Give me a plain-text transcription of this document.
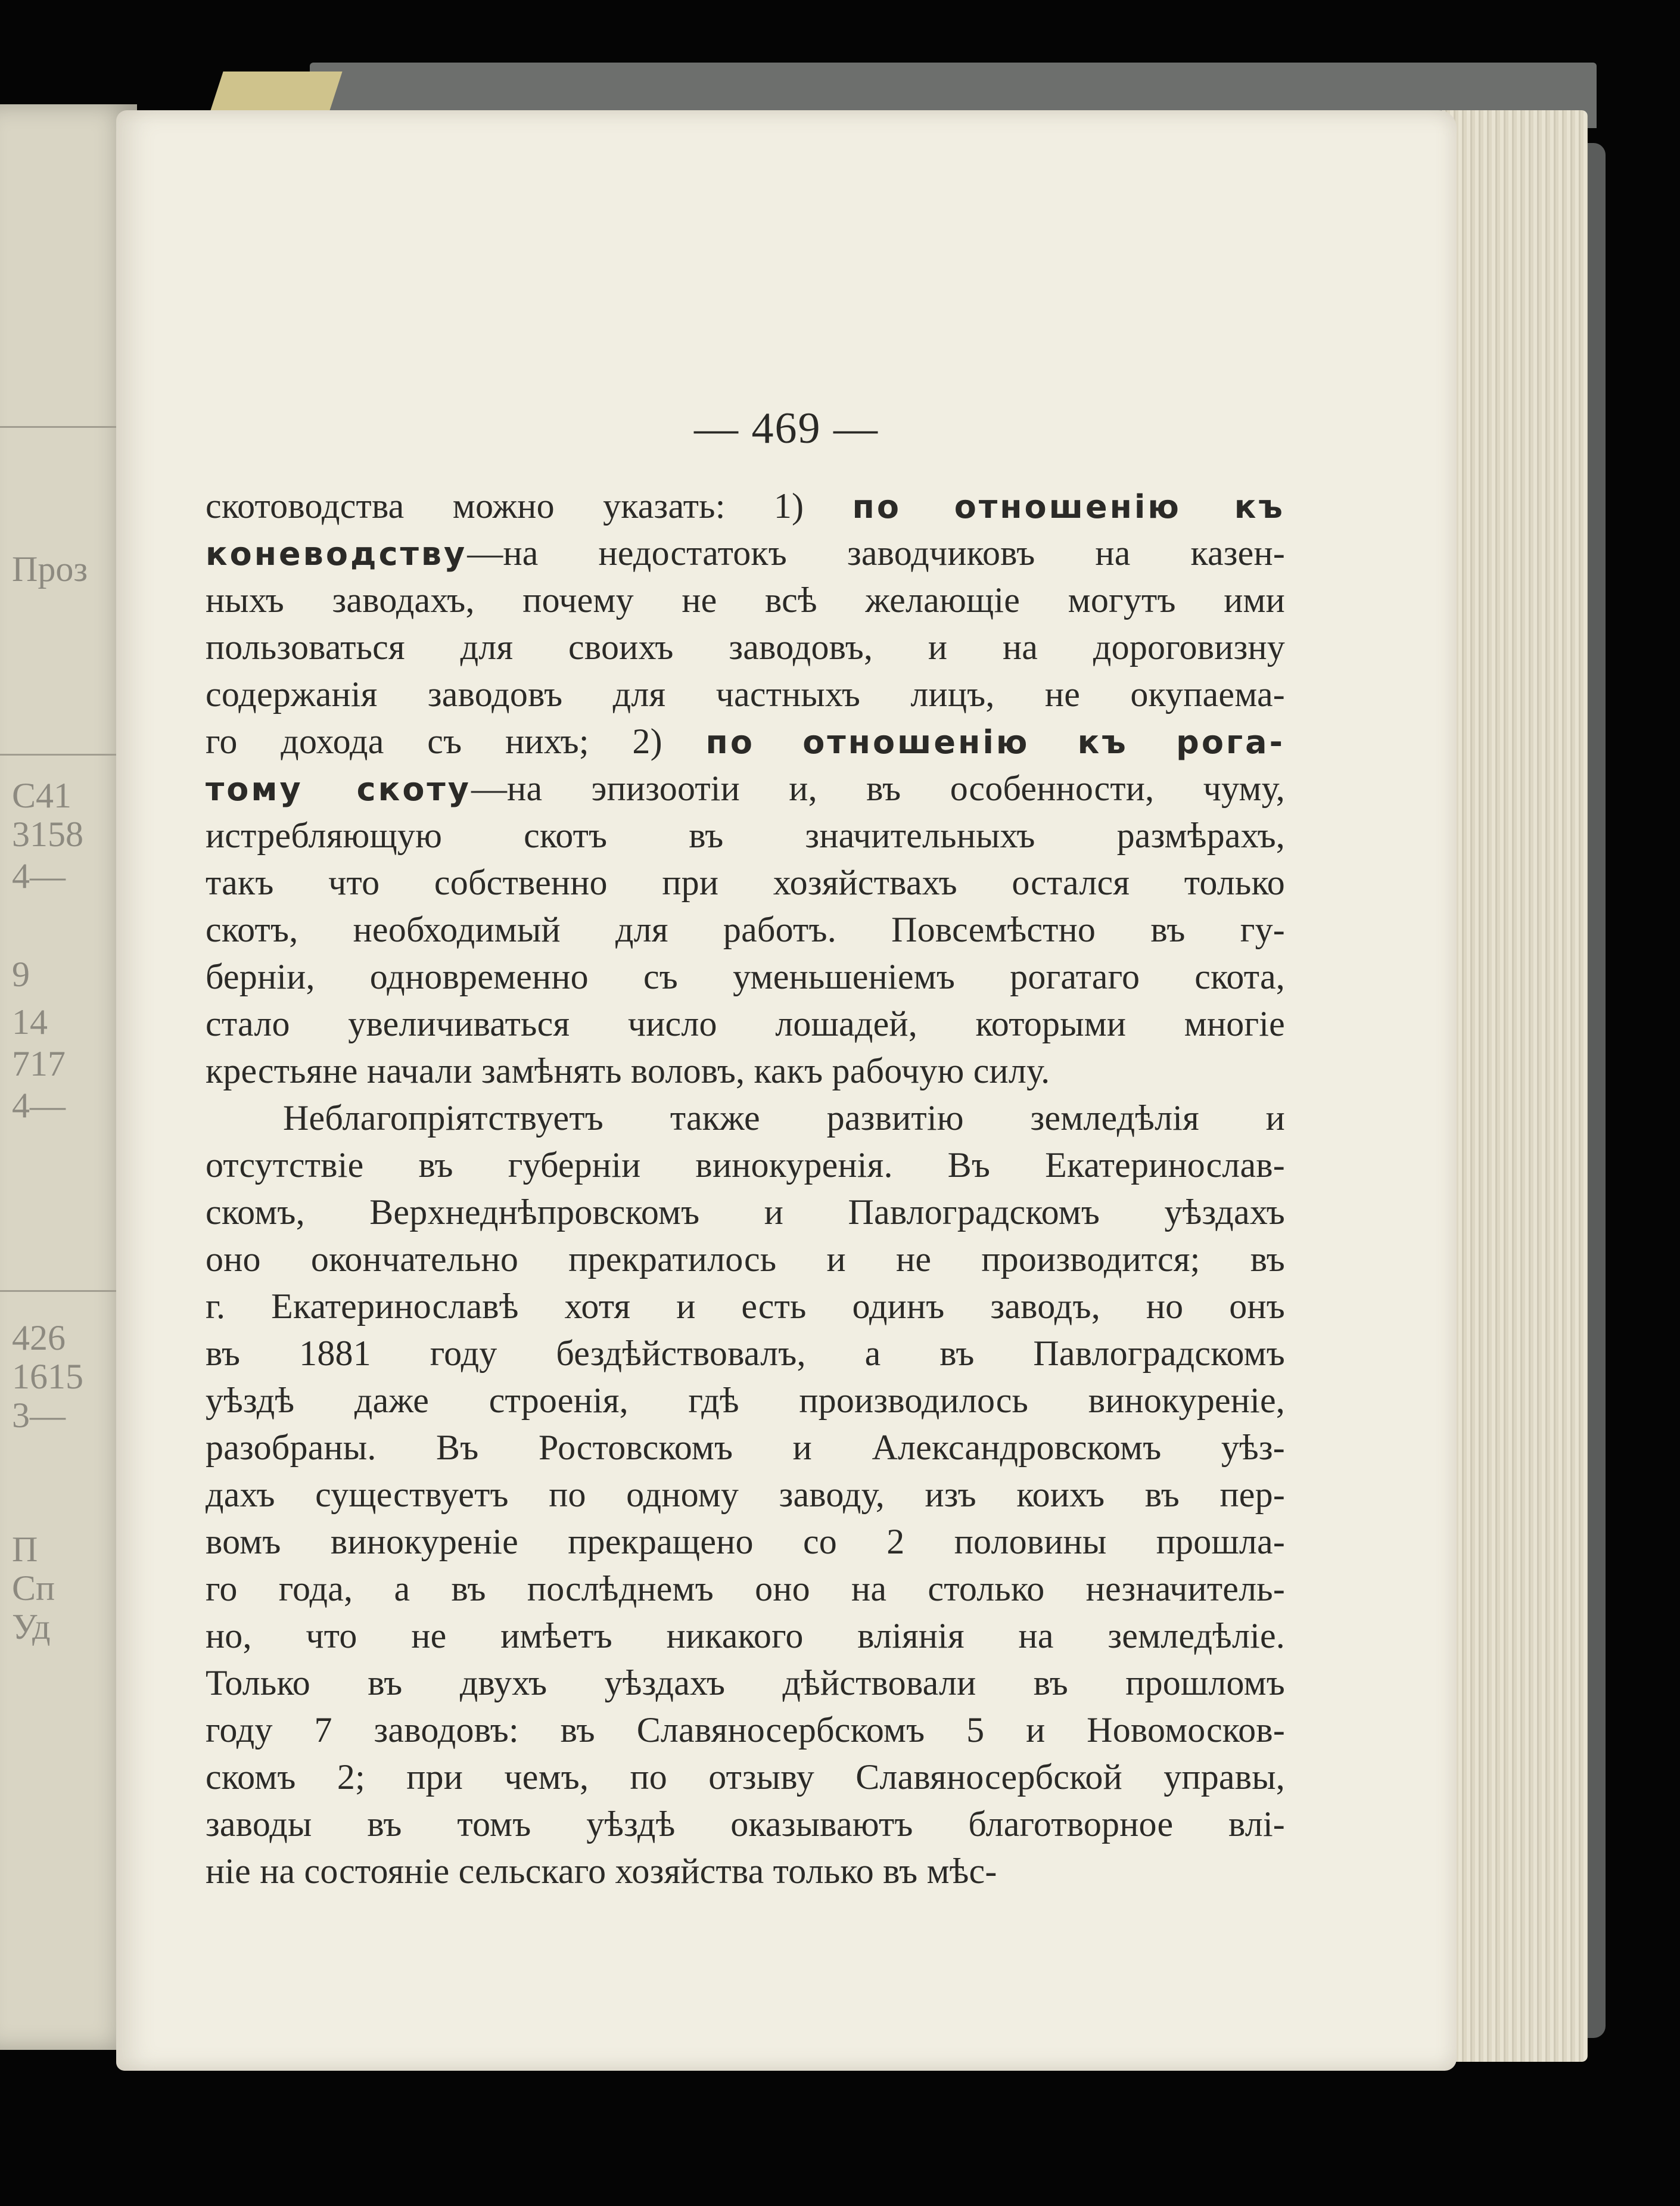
Проз
С41
3158
4—
9
14
717
4—
426
1615
3—
П
Сп
Уд
— 469 —
скотоводства можно указать: 1) по отношенію къ
коневодству—на недостатокъ заводчиковъ на казен-
ныхъ заводахъ, почему не всѣ желающіе могутъ ими
пользоваться для своихъ заводовъ, и на дороговизну
содержанія заводовъ для частныхъ лицъ, не окупаема-
го дохода съ нихъ; 2) по отношенію къ рога-
тому скоту—на эпизоотіи и, въ особенности, чуму,
истребляющую скотъ въ значительныхъ размѣрахъ,
такъ что собственно при хозяйствахъ остался только
скотъ, необходимый для работъ. Повсемѣстно въ гу-
берніи, одновременно съ уменьшеніемъ рогатаго скота,
стало увеличиваться число лошадей, которыми многіе
крестьяне начали замѣнять воловъ, какъ рабочую силу.
Неблагопріятствуетъ также развитію земледѣлія и
отсутствіе въ губерніи винокуренія. Въ Екатеринослав-
скомъ, Верхнеднѣпровскомъ и Павлоградскомъ уѣздахъ
оно окончательно прекратилось и не производится; въ
г. Екатеринославѣ хотя и есть одинъ заводъ, но онъ
въ 1881 году бездѣйствовалъ, а въ Павлоградскомъ
уѣздѣ даже строенія, гдѣ производилось винокуреніе,
разобраны. Въ Ростовскомъ и Александровскомъ уѣз-
дахъ существуетъ по одному заводу, изъ коихъ въ пер-
вомъ винокуреніе прекращено со 2 половины прошла-
го года, а въ послѣднемъ оно на столько незначитель-
но, что не имѣетъ никакого вліянія на земледѣліе.
Только въ двухъ уѣздахъ дѣйствовали въ прошломъ
году 7 заводовъ: въ Славяносербскомъ 5 и Новомосков-
скомъ 2; при чемъ, по отзыву Славяносербской управы,
заводы въ томъ уѣздѣ оказываютъ благотворное влі-
ніе на состояніе сельскаго хозяйства только въ мѣс-
